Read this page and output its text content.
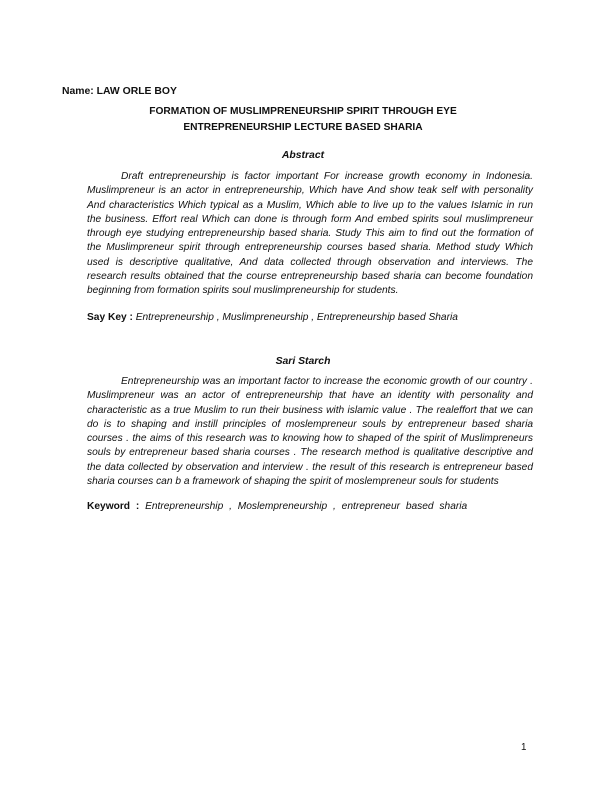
Name: LAW ORLE BOY
FORMATION OF MUSLIMPRENEURSHIP SPIRIT THROUGH EYE
ENTREPRENEURSHIP LECTURE BASED SHARIA
Abstract

Draft entrepreneurship is factor important For increase growth economy in Indonesia. Muslimpreneur is an actor in entrepreneurship, Which have And show teak self with personality And characteristics Which typical as a Muslim, Which able to live up to the values Islamic in run the business. Effort real Which can done is through form And embed spirits soul muslimpreneur through eye studying entrepreneurship based sharia. Study This aim to find out the formation of the Muslimpreneur spirit through entrepreneurship courses based sharia. Method study Which used is descriptive qualitative, And data collected through observation and interviews. The research results obtained that the course entrepreneurship based sharia can become foundation beginning from formation spirits soul muslimpreneurship for students.

Say Key : Entrepreneurship , Muslimpreneurship , Entrepreneurship based Sharia
Sari Starch

Entrepreneurship was an important factor to increase the economic growth of our country . Muslimpreneur was an actor of entrepreneurship that have an identity with personality and characteristic as a true Muslim to run their business with islamic value . The realeffort that we can do is to shaping and instill principles of moslempreneur souls by entrepreneur based sharia courses . the aims of this research was to knowing how to shaped of the spirit of Muslimpreneurs souls by entrepreneur based sharia courses . The research method is qualitative descriptive and the data collected by observation and interview . the result of this research is entrepreneur based sharia courses can b a framework of shaping the spirit of moslempreneur souls for students

Keyword : Entrepreneurship , Moslempreneurship , entrepreneur based sharia
1
